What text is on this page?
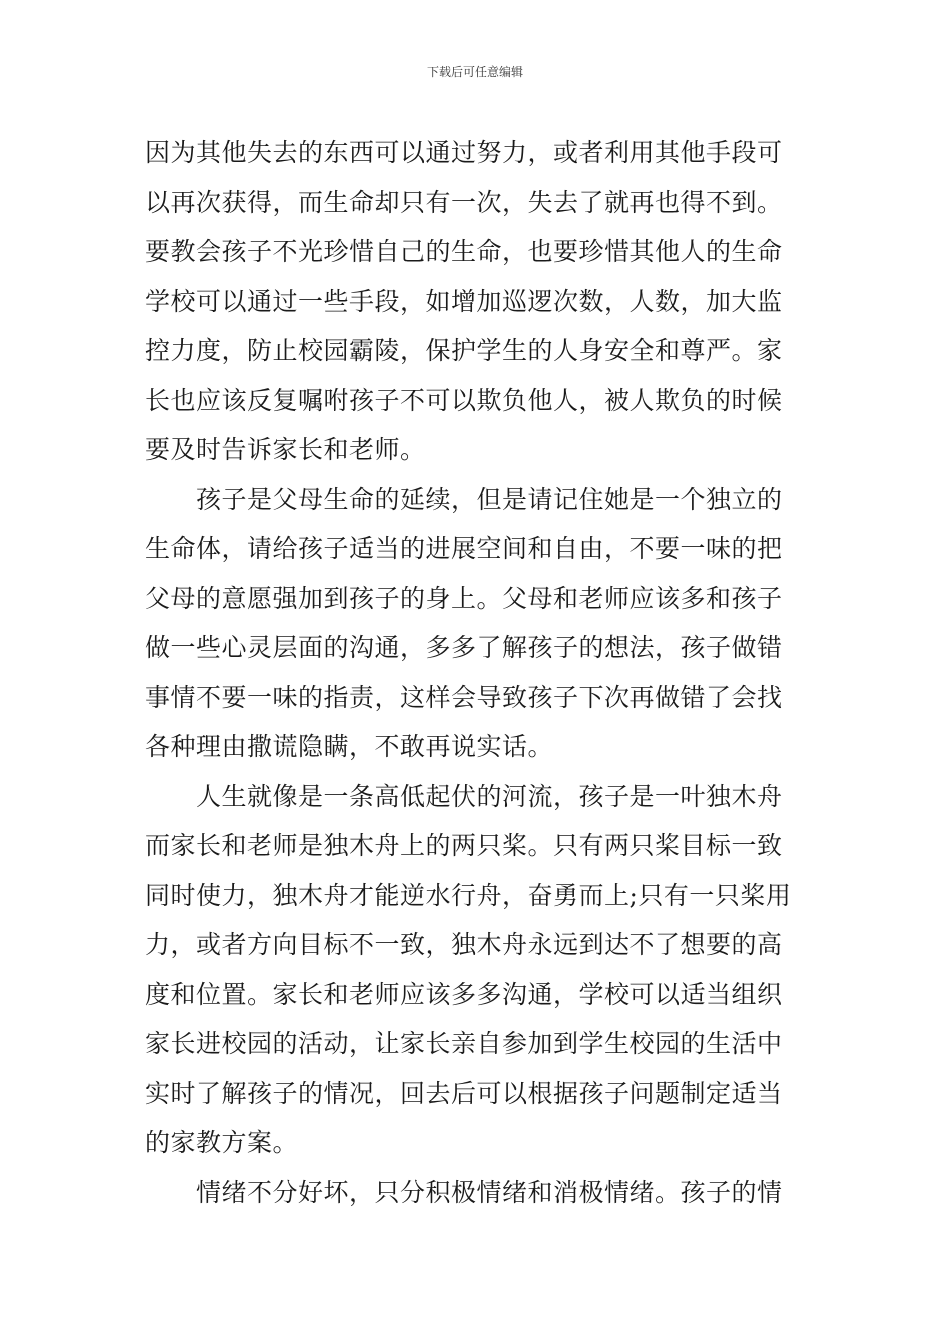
下载后可任意编辑
因为其他失去的东西可以通过努力，或者利用其他手段可
以再次获得，而生命却只有一次，失去了就再也得不到。
要教会孩子不光珍惜自己的生命，也要珍惜其他人的生命
学校可以通过一些手段，如增加巡逻次数，人数，加大监
控力度，防止校园霸陵，保护学生的人身安全和尊严。家
长也应该反复嘱咐孩子不可以欺负他人，被人欺负的时候
要及时告诉家长和老师。
孩子是父母生命的延续，但是请记住她是一个独立的
生命体，请给孩子适当的进展空间和自由，不要一味的把
父母的意愿强加到孩子的身上。父母和老师应该多和孩子
做一些心灵层面的沟通，多多了解孩子的想法，孩子做错
事情不要一味的指责，这样会导致孩子下次再做错了会找
各种理由撒谎隐瞒，不敢再说实话。
人生就像是一条高低起伏的河流，孩子是一叶独木舟
而家长和老师是独木舟上的两只桨。只有两只桨目标一致
同时使力，独木舟才能逆水行舟，奋勇而上;只有一只桨用
力，或者方向目标不一致，独木舟永远到达不了想要的高
度和位置。家长和老师应该多多沟通，学校可以适当组织
家长进校园的活动，让家长亲自参加到学生校园的生活中
实时了解孩子的情况，回去后可以根据孩子问题制定适当
的家教方案。
情绪不分好坏，只分积极情绪和消极情绪。孩子的情
